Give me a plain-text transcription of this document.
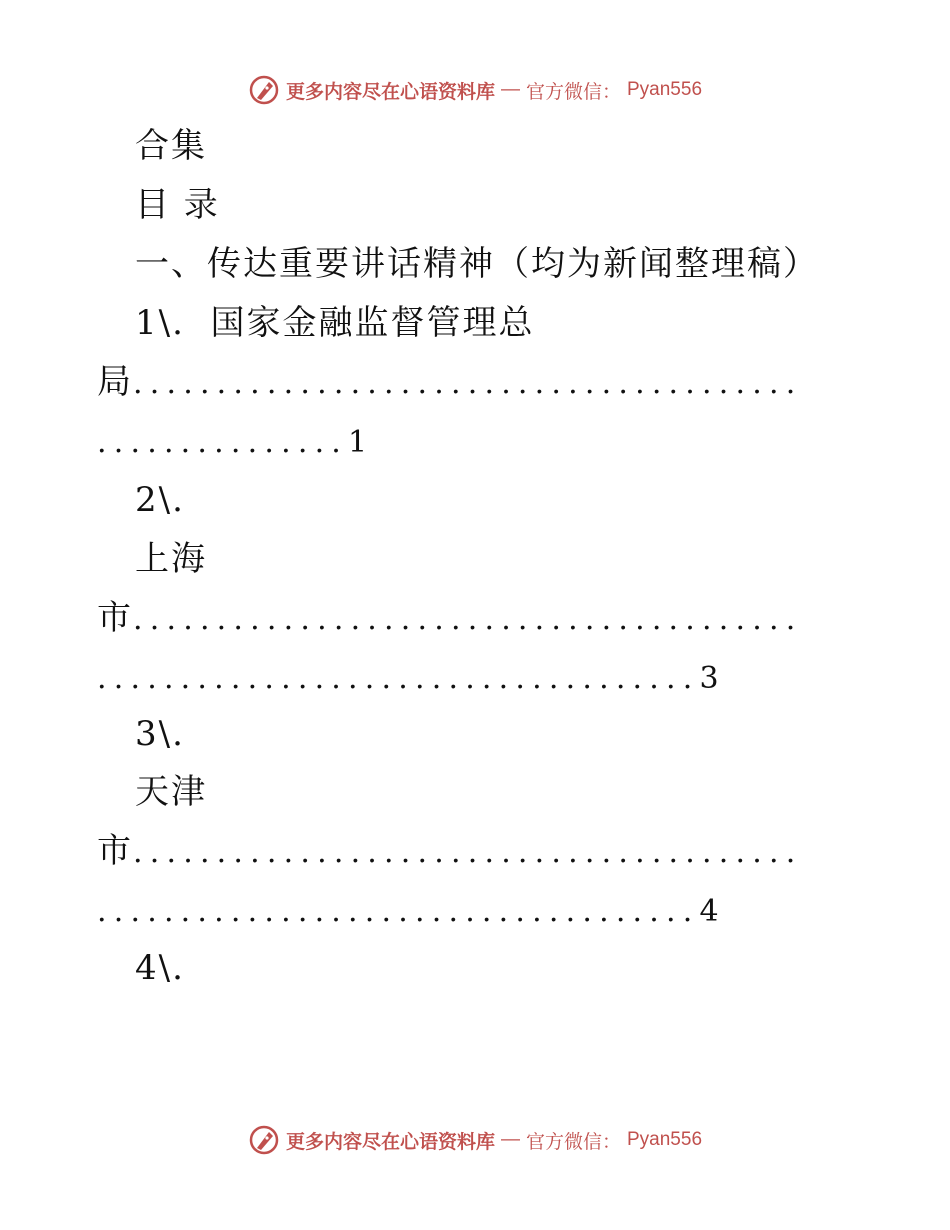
更多内容尽在心语资料库 — 官方微信： Pyan556
合集
目 录
一、传达重要讲话精神（均为新闻整理稿）
1\. 国家金融监督管理总
局........................................
...............1
2\.
上海
市........................................
....................................3
3\.
天津
市........................................
....................................4
4\.
更多内容尽在心语资料库 — 官方微信： Pyan556
